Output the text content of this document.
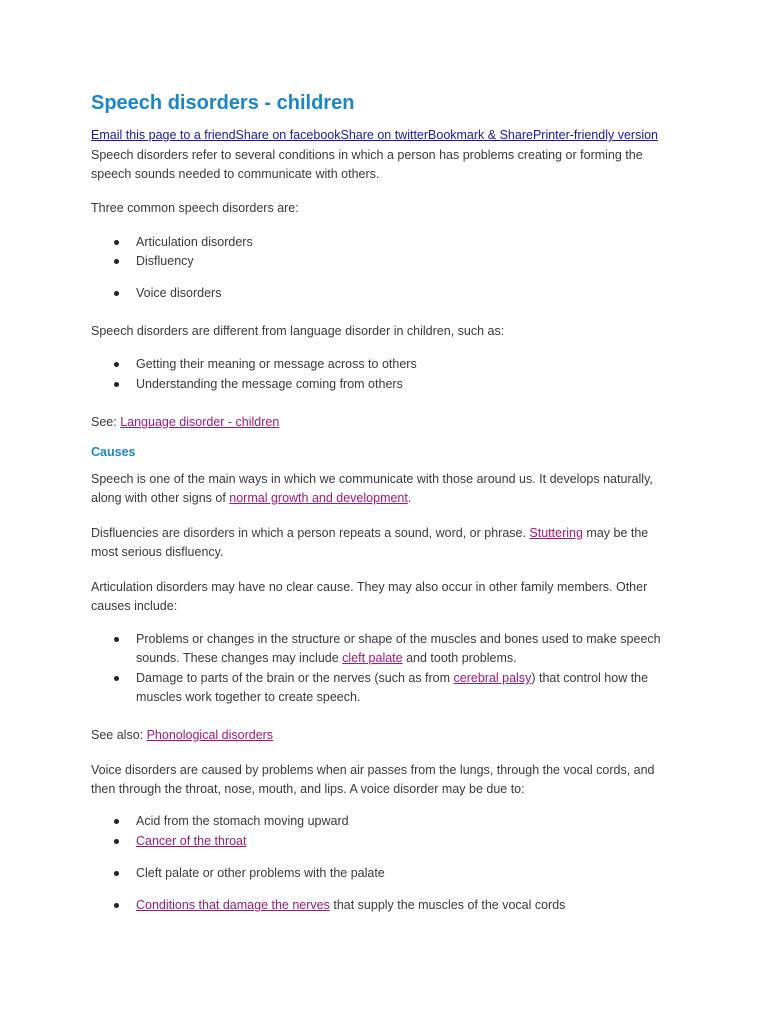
Speech disorders - children
Email this page to a friendShare on facebookShare on twitterBookmark & SharePrinter-friendly version

Speech disorders refer to several conditions in which a person has problems creating or forming the speech sounds needed to communicate with others.

Three common speech disorders are:

Articulation disorders
Disfluency
Voice disorders

Speech disorders are different from language disorder in children, such as:

Getting their meaning or message across to others
Understanding the message coming from others

See: Language disorder - children

Causes

Speech is one of the main ways in which we communicate with those around us. It develops naturally, along with other signs of normal growth and development.

Disfluencies are disorders in which a person repeats a sound, word, or phrase. Stuttering may be the most serious disfluency.

Articulation disorders may have no clear cause. They may also occur in other family members. Other causes include:

Problems or changes in the structure or shape of the muscles and bones used to make speech sounds. These changes may include cleft palate and tooth problems.
Damage to parts of the brain or the nerves (such as from cerebral palsy) that control how the muscles work together to create speech.

See also: Phonological disorders

Voice disorders are caused by problems when air passes from the lungs, through the vocal cords, and then through the throat, nose, mouth, and lips. A voice disorder may be due to:

Acid from the stomach moving upward
Cancer of the throat
Cleft palate or other problems with the palate
Conditions that damage the nerves that supply the muscles of the vocal cords
